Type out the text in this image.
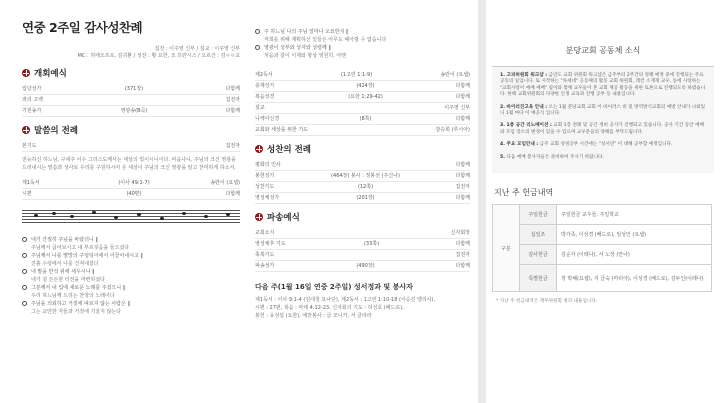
연중 2주일 감사성찬례
집전 : 이주영 신부 / 설교 : 이주영 신부
MC : 허태오프로, 김귀환 / 성찬 : 황 요한, 조 프란시스 / 오르간 : 김ㅇㅇ교
개회예식
입당성가	(371장)	다함께
죄의 고백	집전자
기원송가	영광송(B곡)	다함께
말씀의 전례
본기도	집전자
전능하신 하느님, 구세주 이수 그리스도께서는 세상의 빛이시니이다. 비옵나니, 주님의 크신 영광을 드러내시는 말씀과 성사로 우리를 구원하시어 온 세상이 주님의 크신 영광을 알고 찬미하게 하소서.
제1독서	(이사 49:1-7)	송란이 (요셉)
시편	(40편)	다함께
내가 간절히 주님을 바랐더니 ‖
주님께서 굽어보시고 내 부르짖음을 들으셨다
주님께서 나를 멸망의 구렁텅이에서 이끌어내시고 ‖
진흙 수렁에서 나를 건져내셨다
내 발을 반석 위에 세우시니 ‖
내가 설 든든한 터전을 마련하셨다
그분께서 내 입에 새로운 노래를 주셨으니 ‖
우리 하느님께 드리는 찬양의 노래이다
주님을 의뢰하고 거짓에 따르지 않는 사람은 ‖
그는 교만한 자들과 거짓에 기울지 않는다
주 하느님 나의 주님 얼마나 오묘한지 ‖
저희를 위해 계획하신 일들은 아무도 헤아릴 수 없습니다
영광이 성부와 성자와 성령께 ‖
처음과 같이 이제와 항상 영원히. 아멘
제2독서	(1고린 1:1-9)	송란이 (요셉)
층계성가	(424장)	다함께
복음성경	(요한 1:29-42)	다함께
설교	이주영 신부
니케아신경	(8쪽)	다함께
교회와 세상을 위한 기도	감승희 (루시아)
성찬의 전례
평화의 인사	다함께
봉헌성가	(464장) 봉사 : 정봉선 (주신나)	다함께
성찬기도	(12쪽)	집전자
영성체성가	(201장)	다함께
파송예식
교회소식	신자회장
영성체후 기도	(33쪽)	다함께
축복기도	집전자
파송성가	(490장)	다함께
다음 주(1월 16일 연중 2주일) 성서정과 및 봉사자
제1독서 : 이사 9:1-4 (김대철 요나단), 제2독서 : 1고린 1:10-18 (이승진 엘리사),
시편 : 27편, 복음 : 마태 4:12-23, 신자회의 기도 : 허성호 (베드로),
봉헌 : 유성섭 (요한), 애찬봉사 : 글 모니카, 서 클라라
분당교회 공동체 소식
1. 고피허원회 워크샵 : 금년도 교회 위원회 워크샵은 금주부터 2주간의 정해 예정 중에 진행되는 주요 공동의 일입니다. 또 시작하는 "차세대" 공동체의 활동 교회 위원회, 레칸 소재재 교우, 동에 사랑하는 "교회사랑이 예배 예배" 집이와 함께 교우들이 본 교회 재공 활동을 위한 토론으로 진행되도록 하였습니다. 한해 교회위원회의 다양한 인생 교육과 진행 공부 등 내용입니다.
2. 바이러진고육 안내 : 오는 1월 분당교회 교회 이 바이러스 비 및 방역방식교회의 예방 안내가 나와있니 1월 마다 이 예공식 입니다.
3. 1층 공간 리노베이션 : 교회 1층 전례 및 공간 정비 공사가 진행되고 있습니다. 공사 기간 동안 예배와 모임 장소의 변경이 있을 수 있으며 교우분들의 양해를 부탁드립니다.
4. 주요 모임안내 : 금주 교회 성경공부 시간에는 "성서연" 이 대해 공부할 예정입니다.
5. 다음 예배 봉사자들은 준비하여 주시기 바랍니다.
지난 주 헌금내역
구분	주일헌금	주일헌금 교우들, 주일학교
	십일조	박가족, 이성경 (베드로), 임성인 (요셉)
	감사헌금	김순자 (이레나), 서 노장 (안나)
	특별헌금	장 박혜(요셉), 지 금숙 (마리아), 이성경 (베드로), 김두인(이레나)
* 지난 주 헌금내역은 재무위원회 정리 내용입니다.
